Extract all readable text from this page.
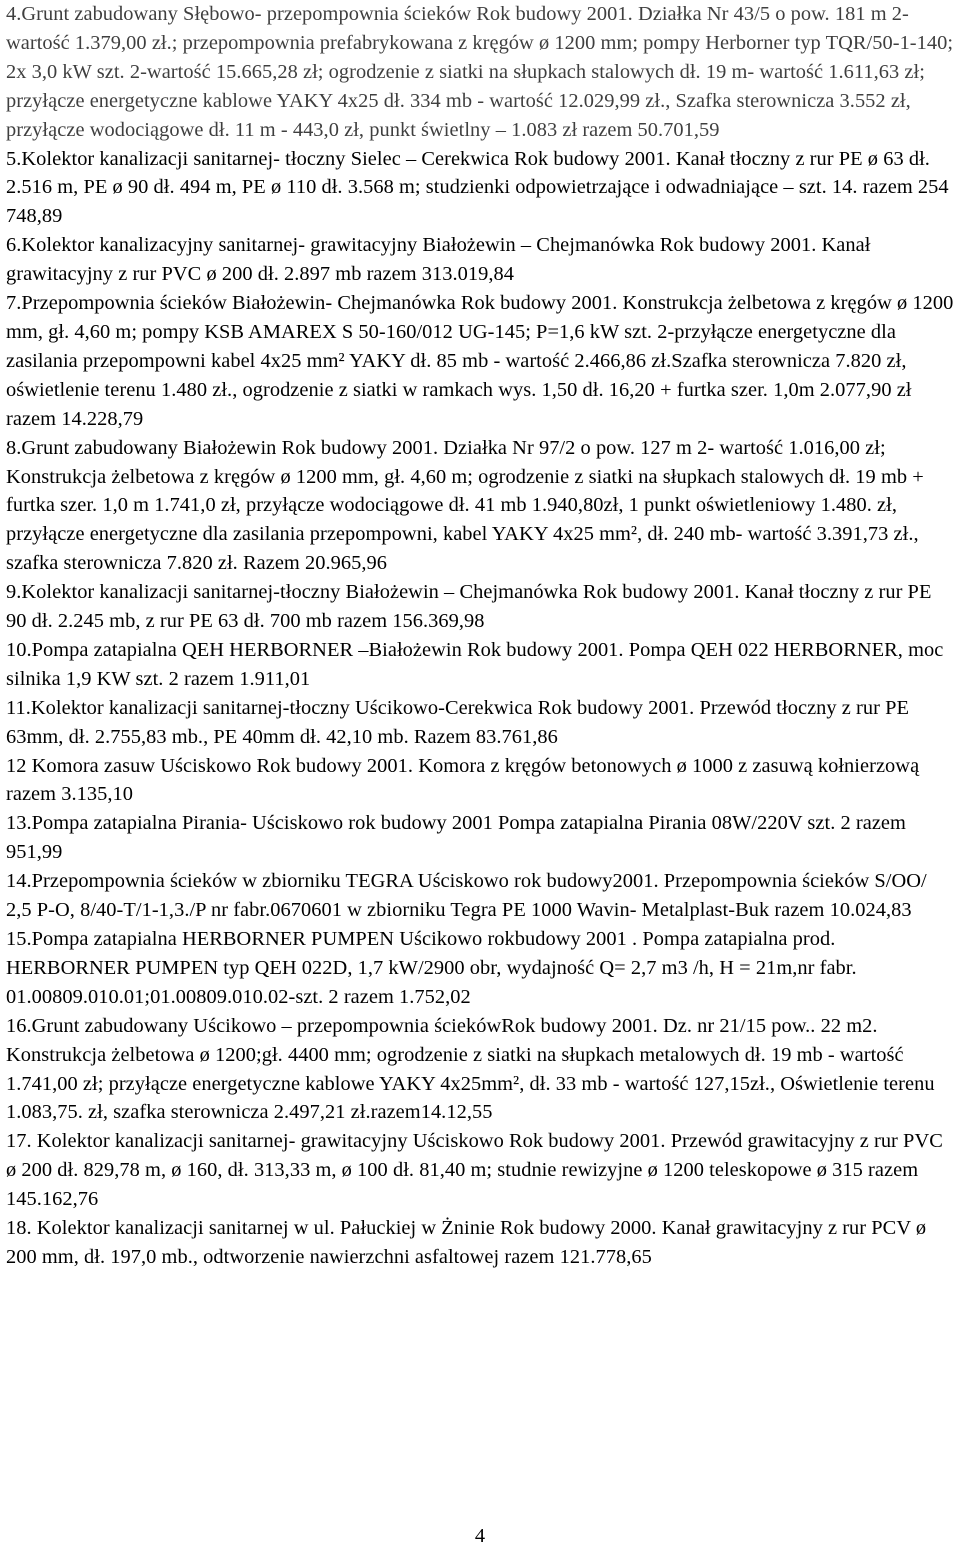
4.Grunt zabudowany Słębowo- przepompownia ścieków Rok budowy 2001. Działka Nr 43/5 o pow. 181 m 2- wartość 1.379,00 zł.; przepompownia prefabrykowana z kręgów ø 1200 mm; pompy Herborner typ TQR/50-1-140; 2x 3,0 kW szt. 2-wartość 15.665,28 zł; ogrodzenie z siatki na słupkach stalowych dł. 19 m- wartość 1.611,63 zł; przyłącze energetyczne kablowe YAKY 4x25 dł. 334 mb - wartość 12.029,99 zł., Szafka sterownicza 3.552 zł, przyłącze wodociągowe dł. 11 m - 443,0 zł, punkt świetlny – 1.083 zł razem 50.701,59

5.Kolektor kanalizacji sanitarnej- tłoczny Sielec – Cerekwica Rok budowy 2001. Kanał tłoczny z rur PE ø 63 dł. 2.516 m, PE ø 90 dł. 494 m, PE ø 110 dł. 3.568 m; studzienki odpowietrzające i odwadniające – szt. 14. razem 254 748,89

6.Kolektor kanalizacyjny sanitarnej- grawitacyjny Białożewin – Chejmanówka Rok budowy 2001. Kanał grawitacyjny z rur PVC ø 200 dł. 2.897 mb razem 313.019,84

7.Przepompownia ścieków Białożewin- Chejmanówka Rok budowy 2001. Konstrukcja żelbetowa z kręgów ø 1200 mm, gł. 4,60 m; pompy KSB AMAREX S 50-160/012 UG-145; P=1,6 kW szt. 2-przyłącze energetyczne dla zasilania przepompowni kabel 4x25 mm² YAKY dł. 85 mb - wartość 2.466,86 zł.Szafka sterownicza 7.820 zł, oświetlenie terenu 1.480 zł., ogrodzenie z siatki w ramkach wys. 1,50 dł. 16,20 + furtka szer. 1,0m 2.077,90 zł razem 14.228,79

8.Grunt zabudowany Białożewin Rok budowy 2001. Działka Nr 97/2 o pow. 127 m 2- wartość 1.016,00 zł; Konstrukcja żelbetowa z kręgów ø 1200 mm, gł. 4,60 m; ogrodzenie z siatki na słupkach stalowych dł. 19 mb + furtka szer. 1,0 m 1.741,0 zł, przyłącze wodociągowe dł. 41 mb 1.940,80zł, 1 punkt oświetleniowy 1.480. zł, przyłącze energetyczne dla zasilania przepompowni, kabel YAKY 4x25 mm², dł. 240 mb- wartość 3.391,73 zł., szafka sterownicza 7.820 zł. Razem 20.965,96

9.Kolektor kanalizacji sanitarnej-tłoczny Białożewin – Chejmanówka Rok budowy 2001. Kanał tłoczny z rur PE 90 dł. 2.245 mb, z rur PE 63 dł. 700 mb razem 156.369,98

10.Pompa zatapialna QEH HERBORNER –Białożewin Rok budowy 2001. Pompa QEH 022 HERBORNER, moc silnika 1,9 KW szt. 2 razem 1.911,01

11.Kolektor kanalizacji sanitarnej-tłoczny Uścikowo-Cerekwica Rok budowy 2001. Przewód tłoczny z rur PE 63mm, dł. 2.755,83 mb., PE 40mm dł. 42,10 mb. Razem 83.761,86

12 Komora zasuw Uściskowo Rok budowy 2001. Komora z kręgów betonowych ø 1000 z zasuwą kołnierzową razem 3.135,10

13.Pompa zatapialna Pirania- Uściskowo rok budowy 2001 Pompa zatapialna Pirania 08W/220V szt. 2 razem 951,99

14.Przepompownia ścieków w zbiorniku TEGRA Uściskowo rok budowy2001. Przepompownia ścieków S/OO/ 2,5 P-O, 8/40-T/1-1,3./P nr fabr.0670601 w zbiorniku Tegra PE 1000 Wavin- Metalplast-Buk razem 10.024,83

15.Pompa zatapialna HERBORNER PUMPEN Uścikowo rokbudowy 2001 . Pompa zatapialna prod. HERBORNER PUMPEN typ QEH 022D, 1,7 kW/2900 obr, wydajność Q= 2,7 m3 /h, H = 21m,nr fabr. 01.00809.010.01;01.00809.010.02-szt. 2 razem 1.752,02

16.Grunt zabudowany Uścikowo – przepompownia ściekówRok budowy 2001. Dz. nr 21/15 pow.. 22 m2. Konstrukcja żelbetowa ø 1200;gł. 4400 mm; ogrodzenie z siatki na słupkach metalowych dł. 19 mb - wartość 1.741,00 zł; przyłącze energetyczne kablowe YAKY 4x25mm², dł. 33 mb - wartość 127,15zł., Oświetlenie terenu 1.083,75. zł, szafka sterownicza 2.497,21 zł.razem14.12,55

17. Kolektor kanalizacji sanitarnej- grawitacyjny Uściskowo Rok budowy 2001. Przewód grawitacyjny z rur PVC ø 200 dł. 829,78 m, ø 160, dł. 313,33 m, ø 100 dł. 81,40 m; studnie rewizyjne ø 1200 teleskopowe ø 315 razem 145.162,76

18. Kolektor kanalizacji sanitarnej w ul. Pałuckiej w Żninie Rok budowy 2000. Kanał grawitacyjny z rur PCV ø 200 mm, dł. 197,0 mb., odtworzenie nawierzchni asfaltowej razem 121.778,65

4
